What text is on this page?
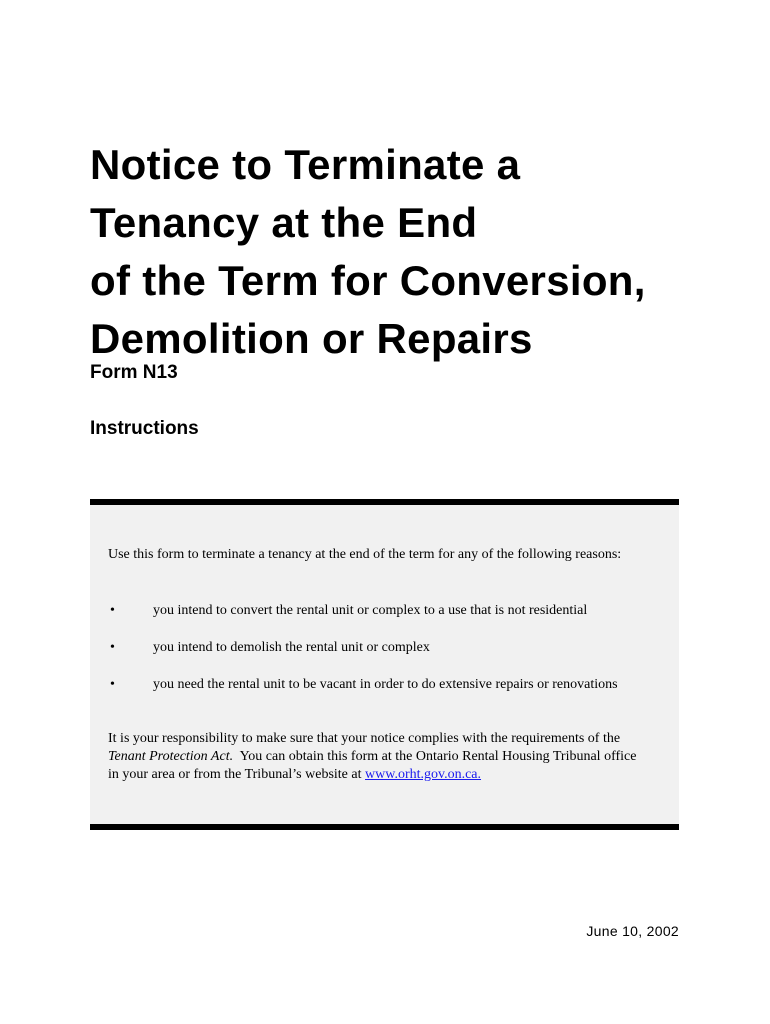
Notice to Terminate a
Tenancy at the End
of the Term for Conversion,
Demolition or Repairs
Form N13
Instructions
Use this form to terminate a tenancy at the end of the term for any of the following reasons:
•	you intend to convert the rental unit or complex to a use that is not residential
•	you intend to demolish the rental unit or complex
•	you need the rental unit to be vacant in order to do extensive repairs or renovations
It is your responsibility to make sure that your notice complies with the requirements of the Tenant Protection Act.  You can obtain this form at the Ontario Rental Housing Tribunal office in your area or from the Tribunal’s website at www.orht.gov.on.ca.
June 10, 2002
